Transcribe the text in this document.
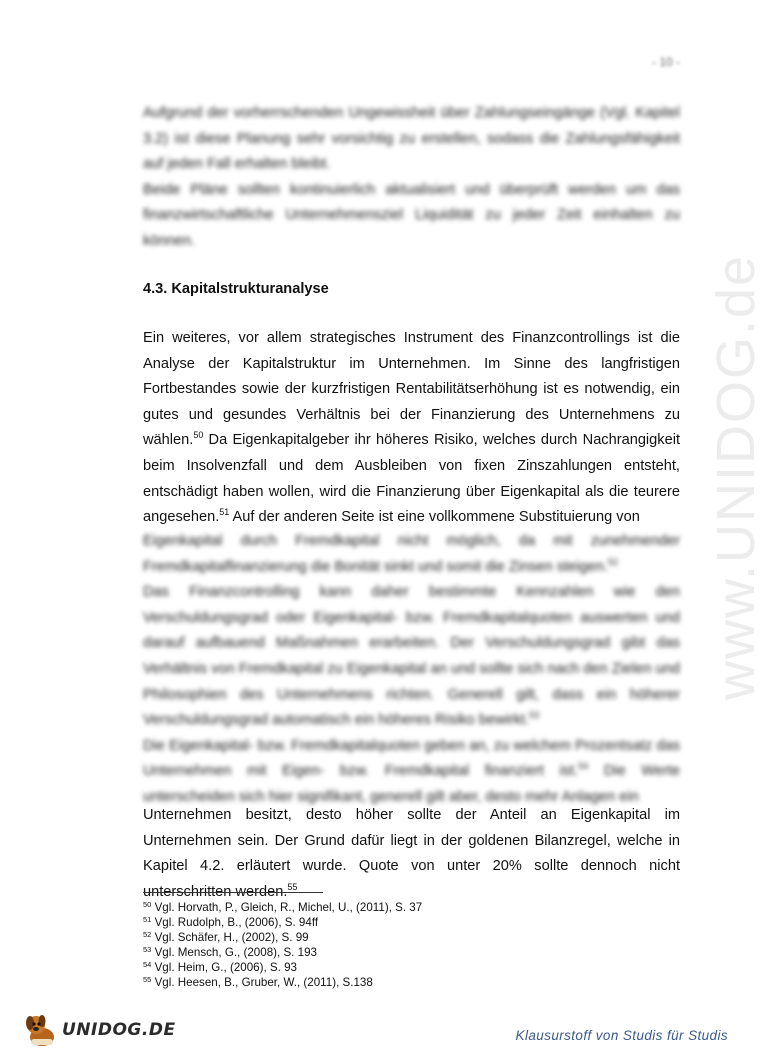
- 10 -
www.UNIDOG.de
Aufgrund der vorherrschenden Ungewissheit über Zahlungseingänge (Vgl. Kapitel 3.2) ist diese Planung sehr vorsichtig zu erstellen, sodass die Zahlungsfähigkeit auf jeden Fall erhalten bleibt.
Beide Pläne sollten kontinuierlich aktualisiert und überprüft werden um das finanzwirtschaftliche Unternehmensziel Liquidität zu jeder Zeit einhalten zu können.
4.3. Kapitalstrukturanalyse
Ein weiteres, vor allem strategisches Instrument des Finanzcontrollings ist die Analyse der Kapitalstruktur im Unternehmen. Im Sinne des langfristigen Fortbestandes sowie der kurzfristigen Rentabilitätserhöhung ist es notwendig, ein gutes und gesundes Verhältnis bei der Finanzierung des Unternehmens zu wählen.$^{50}$ Da Eigenkapitalgeber ihr höheres Risiko, welches durch Nachrangigkeit beim Insolvenzfall und dem Ausbleiben von fixen Zinszahlungen entsteht, entschädigt haben wollen, wird die Finanzierung über Eigenkapital als die teurere angesehen.$^{51}$ Auf der anderen Seite ist eine vollkommene Substituierung von
Eigenkapital durch Fremdkapital nicht möglich, da mit zunehmender Fremdkapitalfinanzierung die Bonität sinkt und somit die Zinsen steigen.$^{52}$
Das Finanzcontrolling kann daher bestimmte Kennzahlen wie den Verschuldungsgrad oder Eigenkapital- bzw. Fremdkapitalquoten auswerten und darauf aufbauend Maßnahmen erarbeiten. Der Verschuldungsgrad gibt das Verhältnis von Fremdkapital zu Eigenkapital an und sollte sich nach den Zielen und Philosophien des Unternehmens richten. Generell gilt, dass ein höherer Verschuldungsgrad automatisch ein höheres Risiko bewirkt.$^{53}$
Die Eigenkapital- bzw. Fremdkapitalquoten geben an, zu welchem Prozentsatz das Unternehmen mit Eigen- bzw. Fremdkapital finanziert ist.$^{54}$ Die Werte unterscheiden sich hier signifikant, generell gilt aber, desto mehr Anlagen ein
Unternehmen besitzt, desto höher sollte der Anteil an Eigenkapital im Unternehmen sein. Der Grund dafür liegt in der goldenen Bilanzregel, welche in Kapitel 4.2. erläutert wurde. Quote von unter 20% sollte dennoch nicht unterschritten werden.$^{55}$
$^{50}$ Vgl. Horvath, P., Gleich, R., Michel, U., (2011), S. 37
$^{51}$ Vgl. Rudolph, B., (2006), S. 94ff
$^{52}$ Vgl. Schäfer, H., (2002), S. 99
$^{53}$ Vgl. Mensch, G., (2008), S. 193
$^{54}$ Vgl. Heim, G., (2006), S. 93
$^{55}$ Vgl. Heesen, B., Gruber, W., (2011), S.138
UNIDOG.DE	Klausurstoff von Studis für Studis
